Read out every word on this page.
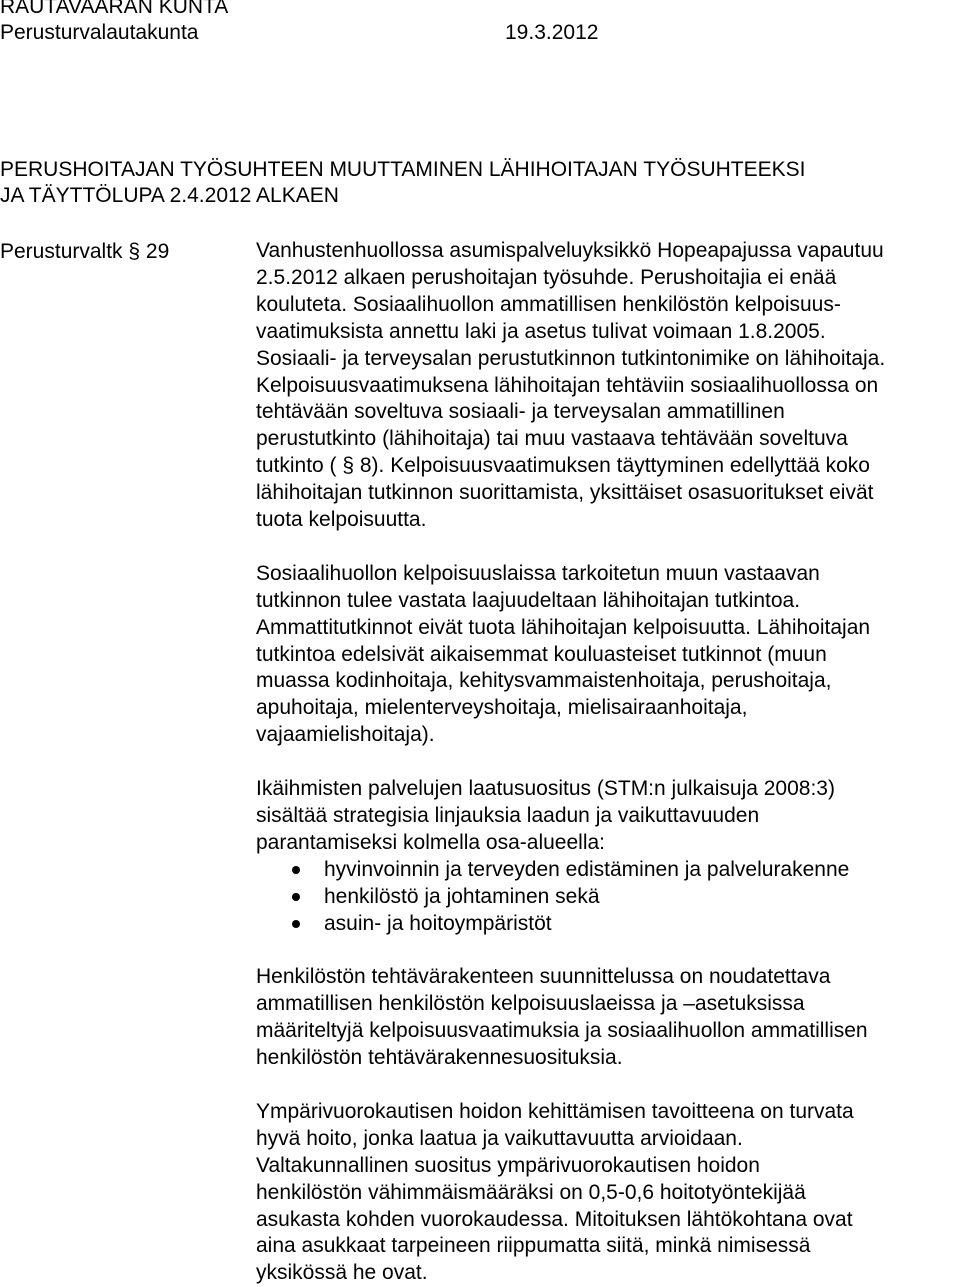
RAUTAVAARAN KUNTA
Perusturvalautakunta	19.3.2012
PERUSHOITAJAN TYÖSUHTEEN MUUTTAMINEN LÄHIHOITAJAN TYÖSUHTEEKSI
JA TÄYTTÖLUPA 2.4.2012 ALKAEN
Perusturvaltk § 29	Vanhustenhuollossa asumispalveluyksikkö Hopeapajussa vapautuu
2.5.2012 alkaen perushoitajan työsuhde. Perushoitajia ei enää
kouluteta. Sosiaalihuollon ammatillisen henkilöstön kelpoisuus-
vaatimuksista annettu laki ja asetus tulivat voimaan 1.8.2005.
Sosiaali- ja terveysalan perustutkinnon tutkintonimike on lähihoitaja.
Kelpoisuusvaatimuksena lähihoitajan tehtäviin sosiaalihuollossa on
tehtävään soveltuva sosiaali- ja terveysalan ammatillinen
perustutkinto (lähihoitaja) tai muu vastaava tehtävään soveltuva
tutkinto ( § 8). Kelpoisuusvaatimuksen täyttyminen edellyttää koko
lähihoitajan tutkinnon suorittamista, yksittäiset osasuoritukset eivät
tuota kelpoisuutta.
Sosiaalihuollon kelpoisuuslaissa tarkoitetun muun vastaavan
tutkinnon tulee vastata laajuudeltaan lähihoitajan tutkintoa.
Ammattitutkinnot eivät tuota lähihoitajan kelpoisuutta. Lähihoitajan
tutkintoa edelsivät aikaisemmat kouluasteiset tutkinnot (muun
muassa kodinhoitaja, kehitysvammaistenhoitaja, perushoitaja,
apuhoitaja, mielenterveyshoitaja, mielisairaanhoitaja,
vajaamielishoitaja).
Ikäihmisten palvelujen laatusuositus (STM:n julkaisuja 2008:3)
sisältää strategisia linjauksia laadun ja vaikuttavuuden
parantamiseksi kolmella osa-alueella:
hyvinvoinnin ja terveyden edistäminen ja palvelurakenne
henkilöstö ja johtaminen sekä
asuin- ja hoitoympäristöt
Henkilöstön tehtävärakenteen suunnittelussa on noudatettava
ammatillisen henkilöstön kelpoisuuslaeissa ja –asetuksissa
määriteltyjä kelpoisuusvaatimuksia ja sosiaalihuollon ammatillisen
henkilöstön tehtävärakennesuosituksia.
Ympärivuorokautisen hoidon kehittämisen tavoitteena on turvata
hyvä hoito, jonka laatua ja vaikuttavuutta arvioidaan.
Valtakunnallinen suositus ympärivuorokautisen hoidon
henkilöstön vähimmäismääräksi on 0,5-0,6 hoitotyöntekijää
asukasta kohden vuorokaudessa. Mitoituksen lähtökohtana ovat
aina asukkaat tarpeineen riippumatta siitä, minkä nimisessä
yksikössä he ovat.
